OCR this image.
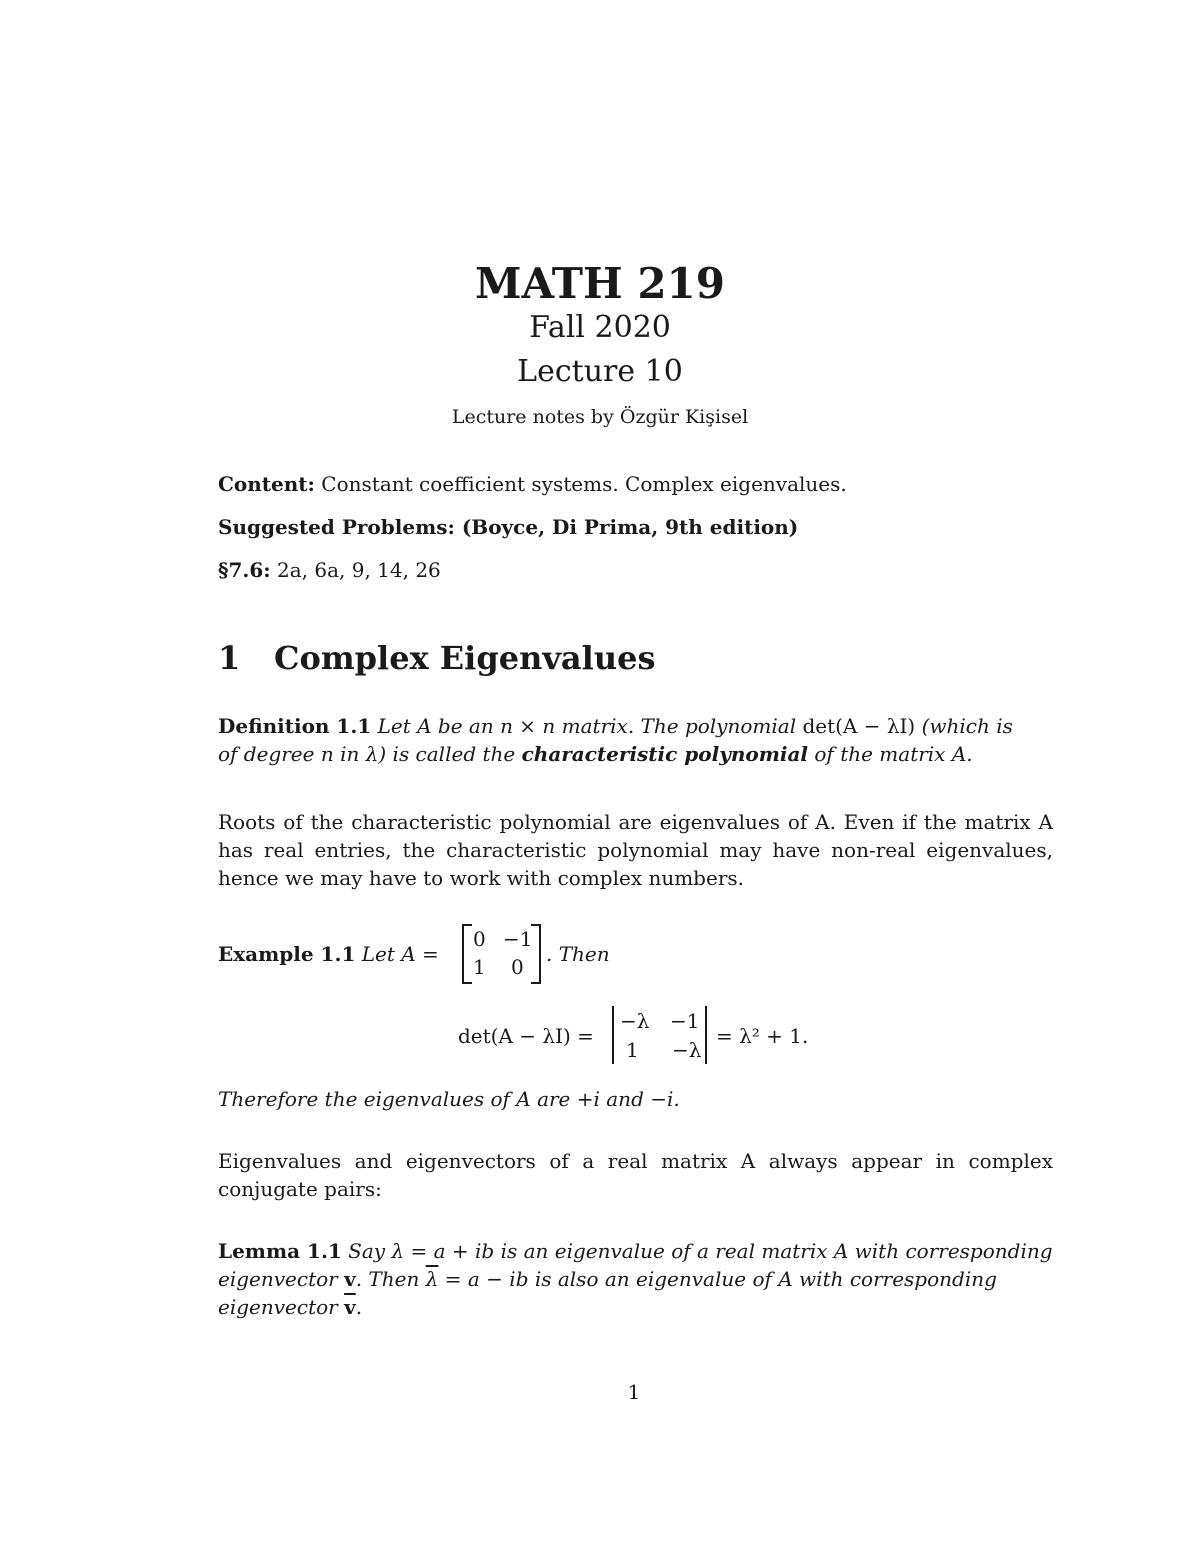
MATH 219
Fall 2020
Lecture 10
Lecture notes by Özgür Kişisel
Content: Constant coefficient systems. Complex eigenvalues.
Suggested Problems: (Boyce, Di Prima, 9th edition)
§7.6: 2a, 6a, 9, 14, 26
1 Complex Eigenvalues
Definition 1.1 Let A be an n × n matrix. The polynomial det(A − λI) (which is
of degree n in λ) is called the characteristic polynomial of the matrix A.
Roots of the characteristic polynomial are eigenvalues of A. Even if the matrix A has real entries, the characteristic polynomial may have non-real eigenvalues, hence we may have to work with complex numbers.
Example 1.1 Let A =
0 −1
1 0
. Then
det(A − λI) =
−λ −1
1 −λ
= λ² + 1.
Therefore the eigenvalues of A are +i and −i.
Eigenvalues and eigenvectors of a real matrix A always appear in complex conjugate pairs:
Lemma 1.1 Say λ = a + ib is an eigenvalue of a real matrix A with corresponding
eigenvector v. Then $\overline{\lambda} = a$ − ib is also an eigenvalue of A with corresponding
eigenvector $\overline{v}$.
1
